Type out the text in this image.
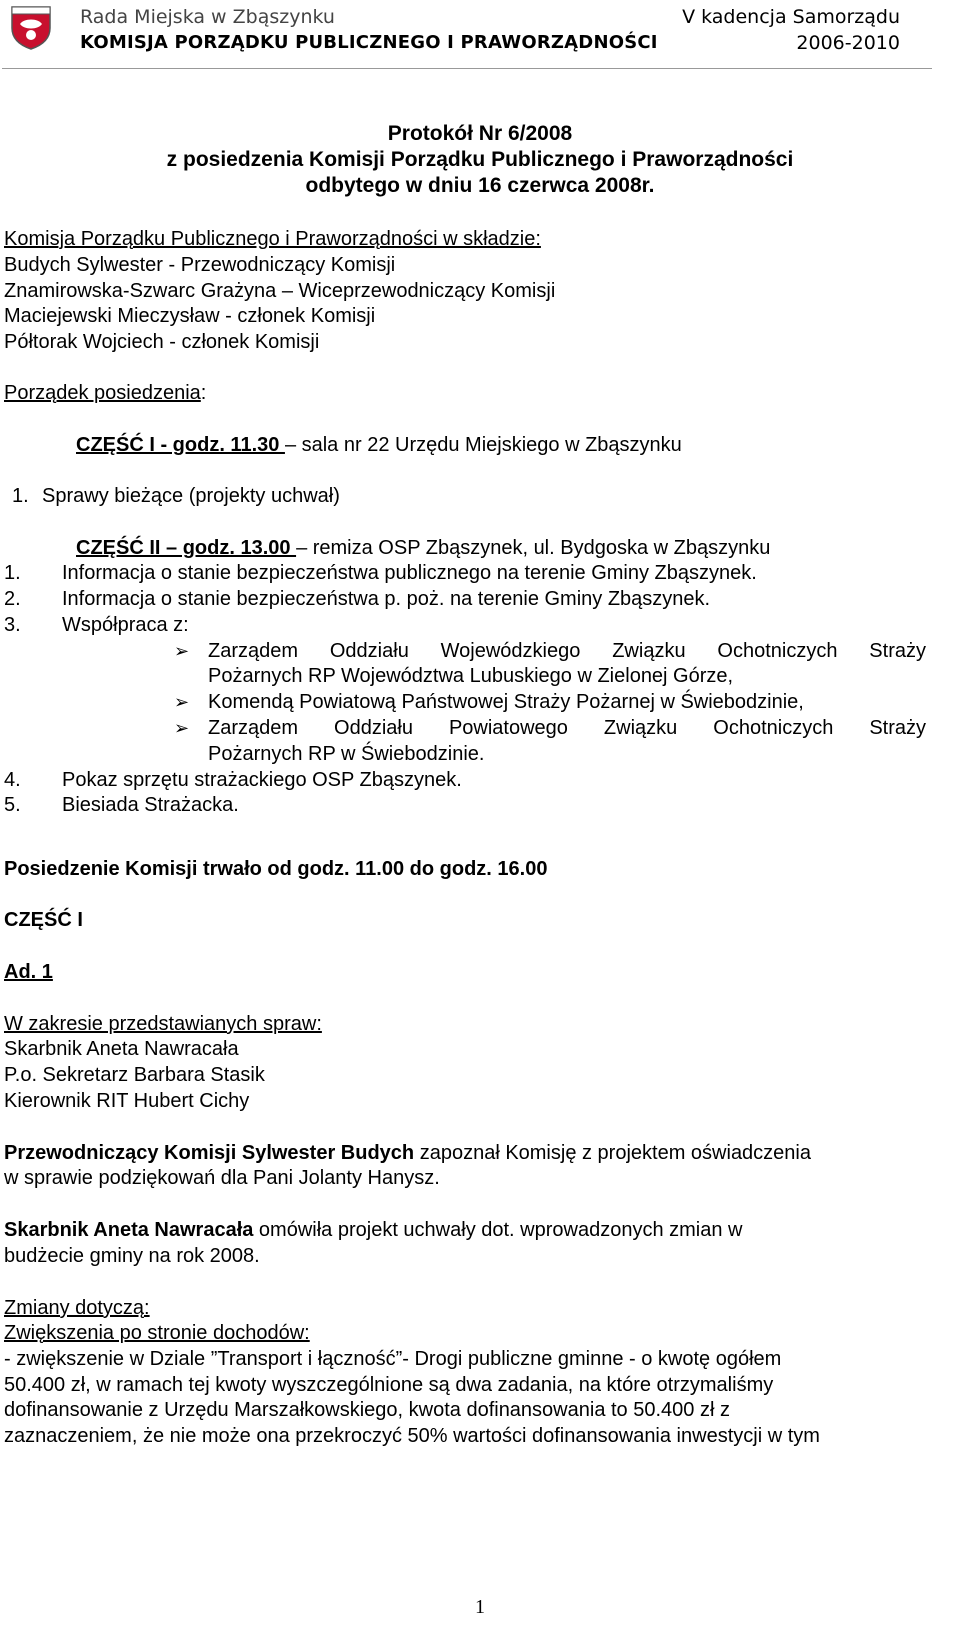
Rada Miejska w Zbąszynku
KOMISJA PORZĄDKU PUBLICZNEGO I PRAWORZĄDNOŚCI
V kadencja Samorządu
2006-2010
Protokół Nr 6/2008
z posiedzenia Komisji Porządku Publicznego i Praworządności
odbytego w dniu 16 czerwca 2008r.
Komisja Porządku Publicznego i Praworządności w składzie:
Budych Sylwester - Przewodniczący Komisji
Znamirowska-Szwarc Grażyna – Wiceprzewodniczący Komisji
Maciejewski Mieczysław - członek Komisji
Półtorak Wojciech - członek Komisji
Porządek posiedzenia:
CZĘŚĆ I - godz. 11.30 – sala nr 22 Urzędu Miejskiego w Zbąszynku
1. Sprawy bieżące (projekty uchwał)
CZĘŚĆ II – godz. 13.00 – remiza OSP Zbąszynek, ul. Bydgoska w Zbąszynku
1. Informacja o stanie bezpieczeństwa publicznego na terenie Gminy Zbąszynek.
2. Informacja o stanie bezpieczeństwa p. poż. na terenie Gminy Zbąszynek.
3. Współpraca z:
➢ Zarządem Oddziału Wojewódzkiego Związku Ochotniczych Straży
Pożarnych RP Województwa Lubuskiego w Zielonej Górze,
➢ Komendą Powiatową Państwowej Straży Pożarnej w Świebodzinie,
➢ Zarządem Oddziału Powiatowego Związku Ochotniczych Straży
Pożarnych RP w Świebodzinie.
4. Pokaz sprzętu strażackiego OSP Zbąszynek.
5. Biesiada Strażacka.
Posiedzenie Komisji trwało od godz. 11.00 do godz. 16.00
CZĘŚĆ I
Ad. 1
W zakresie przedstawianych spraw:
Skarbnik Aneta Nawracała
P.o. Sekretarz Barbara Stasik
Kierownik RIT Hubert Cichy
Przewodniczący Komisji Sylwester Budych zapoznał Komisję z projektem oświadczenia
w sprawie podziękowań dla Pani Jolanty Hanysz.
Skarbnik Aneta Nawracała omówiła projekt uchwały dot. wprowadzonych zmian w
budżecie gminy na rok 2008.
Zmiany dotyczą:
Zwiększenia po stronie dochodów:
- zwiększenie w Dziale ”Transport i łączność”- Drogi publiczne gminne - o kwotę ogółem
50.400 zł, w ramach tej kwoty wyszczególnione są dwa zadania, na które otrzymaliśmy
dofinansowanie z Urzędu Marszałkowskiego, kwota dofinansowania to 50.400 zł z
zaznaczeniem, że nie może ona przekroczyć 50% wartości dofinansowania inwestycji w tym
1
